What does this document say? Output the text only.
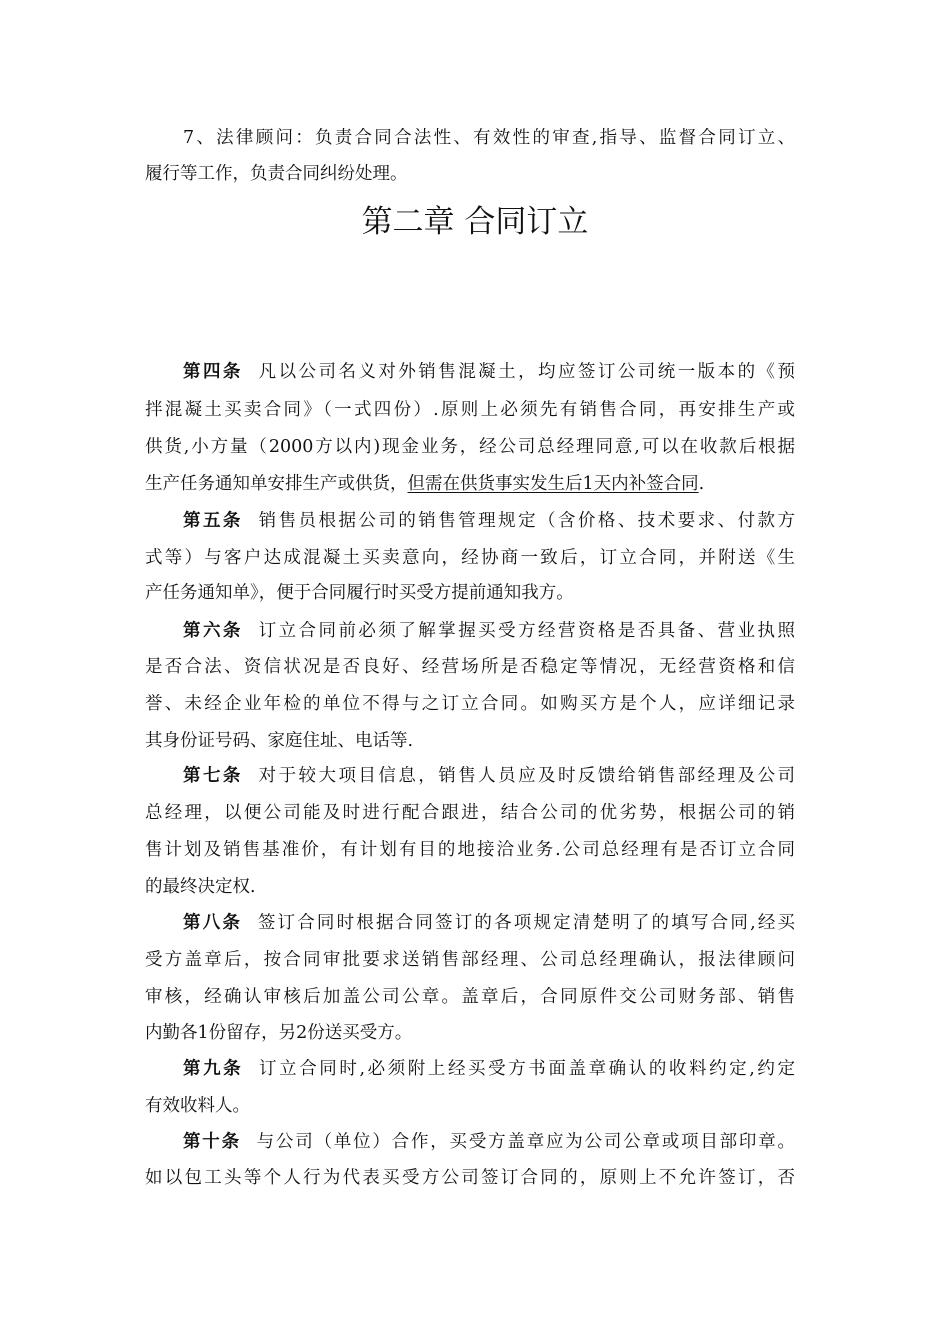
7、法律顾问：负责合同合法性、有效性的审查,指导、监督合同订立、
履行等工作，负责合同纠纷处理。
第二章 合同订立
第四条 凡以公司名义对外销售混凝土，均应签订公司统一版本的《预
拌混凝土买卖合同》（一式四份）.原则上必须先有销售合同，再安排生产或
供货,小方量（2000方以内)现金业务，经公司总经理同意,可以在收款后根据
生产任务通知单安排生产或供货，但需在供货事实发生后1天内补签合同.
第五条 销售员根据公司的销售管理规定（含价格、技术要求、付款方
式等）与客户达成混凝土买卖意向，经协商一致后，订立合同，并附送《生
产任务通知单》，便于合同履行时买受方提前通知我方。
第六条 订立合同前必须了解掌握买受方经营资格是否具备、营业执照
是否合法、资信状况是否良好、经营场所是否稳定等情况，无经营资格和信
誉、未经企业年检的单位不得与之订立合同。如购买方是个人，应详细记录
其身份证号码、家庭住址、电话等.
第七条 对于较大项目信息，销售人员应及时反馈给销售部经理及公司
总经理，以便公司能及时进行配合跟进，结合公司的优劣势，根据公司的销
售计划及销售基准价，有计划有目的地接洽业务.公司总经理有是否订立合同
的最终决定权.
第八条 签订合同时根据合同签订的各项规定清楚明了的填写合同,经买
受方盖章后，按合同审批要求送销售部经理、公司总经理确认，报法律顾问
审核，经确认审核后加盖公司公章。盖章后，合同原件交公司财务部、销售
内勤各1份留存，另2份送买受方。
第九条 订立合同时,必须附上经买受方书面盖章确认的收料约定,约定
有效收料人。
第十条 与公司（单位）合作，买受方盖章应为公司公章或项目部印章。
如以包工头等个人行为代表买受方公司签订合同的，原则上不允许签订，否
